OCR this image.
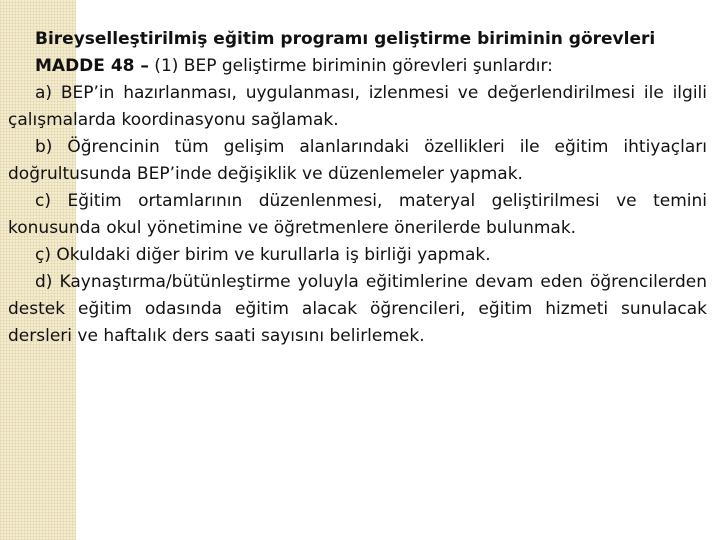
Bireyselleştirilmiş eğitim programı geliştirme biriminin görevleri

MADDE 48 – (1) BEP geliştirme biriminin görevleri şunlardır:

a) BEP’in hazırlanması, uygulanması, izlenmesi ve değerlendirilmesi ile ilgili çalışmalarda koordinasyonu sağlamak.

b) Öğrencinin tüm gelişim alanlarındaki özellikleri ile eğitim ihtiyaçları doğrultusunda BEP’inde değişiklik ve düzenlemeler yapmak.

c) Eğitim ortamlarının düzenlenmesi, materyal geliştirilmesi ve temini konusunda okul yönetimine ve öğretmenlere önerilerde bulunmak.

ç) Okuldaki diğer birim ve kurullarla iş birliği yapmak.

d) Kaynaştırma/bütünleştirme yoluyla eğitimlerine devam eden öğrencilerden destek eğitim odasında eğitim alacak öğrencileri, eğitim hizmeti sunulacak dersleri ve haftalık ders saati sayısını belirlemek.
